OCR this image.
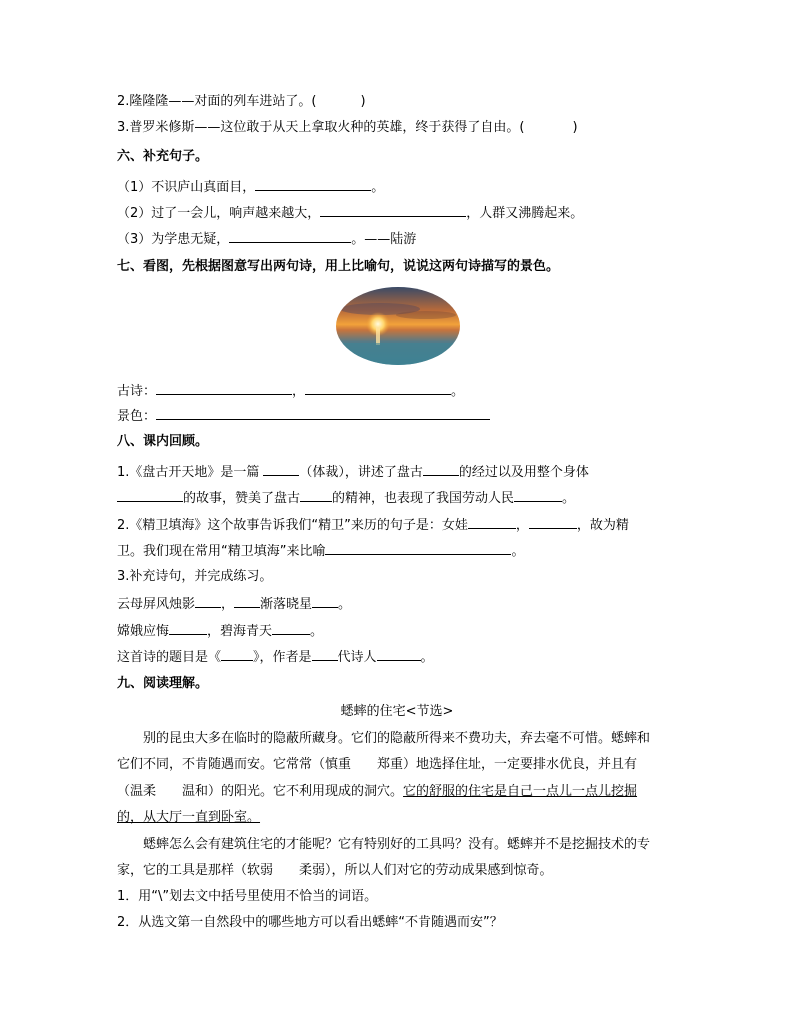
2.隆隆隆——对面的列车进站了。(	)
3.普罗米修斯——这位敢于从天上拿取火种的英雄，终于获得了自由。(	)
六、补充句子。
（1）不识庐山真面目，	。
（2）过了一会儿，响声越来越大，	，人群又沸腾起来。
（3）为学患无疑，	。——陆游
七、看图，先根据图意写出两句诗，用上比喻句，说说这两句诗描写的景色。
古诗：	，	。
景色：
八、课内回顾。
1.《盘古开天地》是一篇	（体裁），讲述了盘古	的经过以及用整个身体
的故事，赞美了盘古 的精神，也表现了我国劳动人民	。
2.《精卫填海》这个故事告诉我们“精卫”来历的句子是：女娃	，	，故为精
卫。我们现在常用“精卫填海”来比喻	。
3.补充诗句，并完成练习。
云母屏风烛影 ， 渐落晓星 。
嫦娥应悔	，碧海青天	。
这首诗的题目是《 》，作者是 代诗人	。
九、阅读理解。
蟋蟀的住宅<节选>
别的昆虫大多在临时的隐蔽所藏身。它们的隐蔽所得来不费功夫，弃去毫不可惜。蟋蟀和
它们不同，不肯随遇而安。它常常（慎重　　郑重）地选择住址，一定要排水优良，并且有
（温柔　　温和）的阳光。它不利用现成的洞穴。它的舒服的住宅是自己一点儿一点儿挖掘
的，从大厅一直到卧室。
蟋蟀怎么会有建筑住宅的才能呢？它有特别好的工具吗？没有。蟋蟀并不是挖掘技术的专
家，它的工具是那样（软弱　　柔弱），所以人们对它的劳动成果感到惊奇。
1．用“\”划去文中括号里使用不恰当的词语。
2．从选文第一自然段中的哪些地方可以看出蟋蟀“不肯随遇而安”？
